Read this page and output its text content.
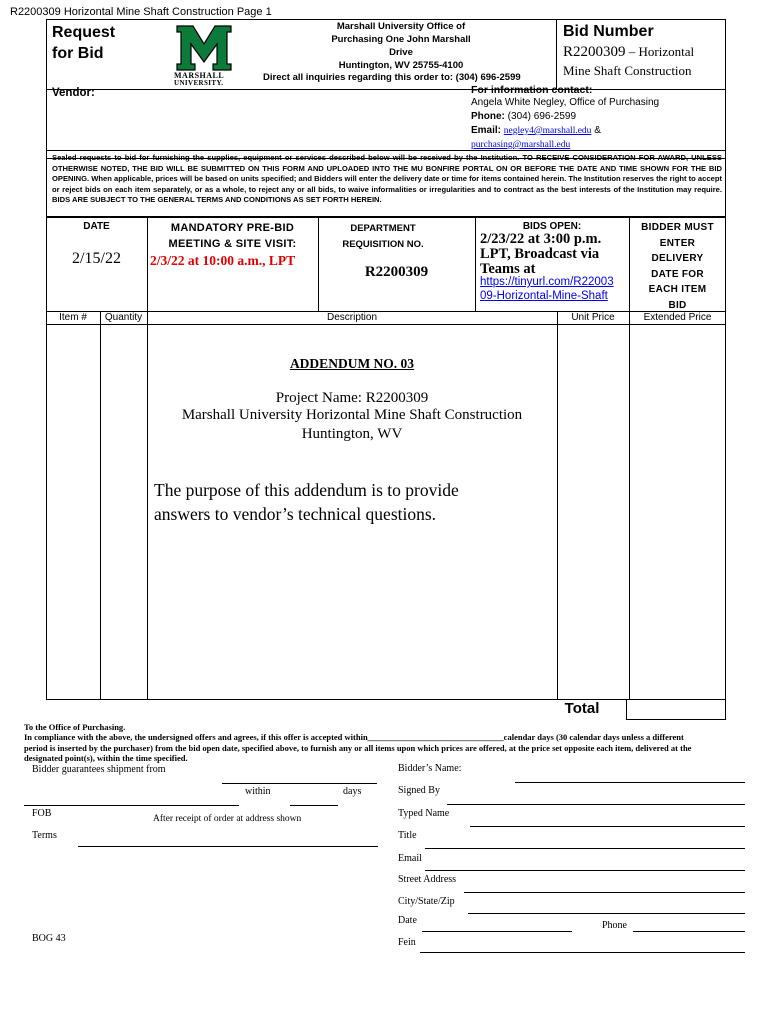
R2200309 Horizontal Mine Shaft Construction Page 1
Request
for Bid
MARSHALL
UNIVERSITY.
Marshall University Office of
Purchasing One John Marshall
Drive
Huntington, WV 25755-4100
Direct all inquiries regarding this order to: (304) 696-2599
Bid Number
R2200309 – Horizontal
Mine Shaft Construction
Vendor:	For information contact:
Angela White Negley, Office of Purchasing
Phone: (304) 696-2599
Email: negley4@marshall.edu &
purchasing@marshall.edu
Sealed requests to bid for furnishing the supplies, equipment or services described below will be received by the Institution. TO RECEIVE CONSIDERATION FOR AWARD, UNLESS OTHERWISE NOTED, THE BID WILL BE SUBMITTED ON THIS FORM AND UPLOADED INTO THE MU BONFIRE PORTAL ON OR BEFORE THE DATE AND TIME SHOWN FOR THE BID OPENING. When applicable, prices will be based on units specified; and Bidders will enter the delivery date or time for items contained herein. The Institution reserves the right to accept or reject bids on each item separately, or as a whole, to reject any or all bids, to waive informalities or irregularities and to contract as the best interests of the Institution may require. BIDS ARE SUBJECT TO THE GENERAL TERMS AND CONDITIONS AS SET FORTH HEREIN.
DATE
2/15/22
MANDATORY PRE-BID
MEETING & SITE VISIT:
2/3/22 at 10:00 a.m., LPT
DEPARTMENT
REQUISITION NO.
R2200309
BIDS OPEN:
2/23/22 at 3:00 p.m.
LPT, Broadcast via
Teams at
https://tinyurl.com/R22003
09-Horizontal-Mine-Shaft
BIDDER MUST
ENTER
DELIVERY
DATE FOR
EACH ITEM
BID
Item #	Quantity	Description	Unit Price	Extended Price
ADDENDUM NO. 03
Project Name: R2200309
Marshall University Horizontal Mine Shaft Construction
Huntington, WV
The purpose of this addendum is to provide
answers to vendor’s technical questions.
Total
To the Office of Purchasing.
In compliance with the above, the undersigned offers and agrees, if this offer is accepted within________________________________calendar days (30 calendar days unless a different
period is inserted by the purchaser) from the bid open date, specified above, to furnish any or all items upon which prices are offered, at the price set opposite each item, delivered at the
designated point(s), within the time specified.
Bidder guarantees shipment from
within	days
FOB	After receipt of order at address shown
Terms
BOG 43
Bidder’s Name:
Signed By
Typed Name
Title
Email
Street Address
City/State/Zip
Date	Phone
Fein
